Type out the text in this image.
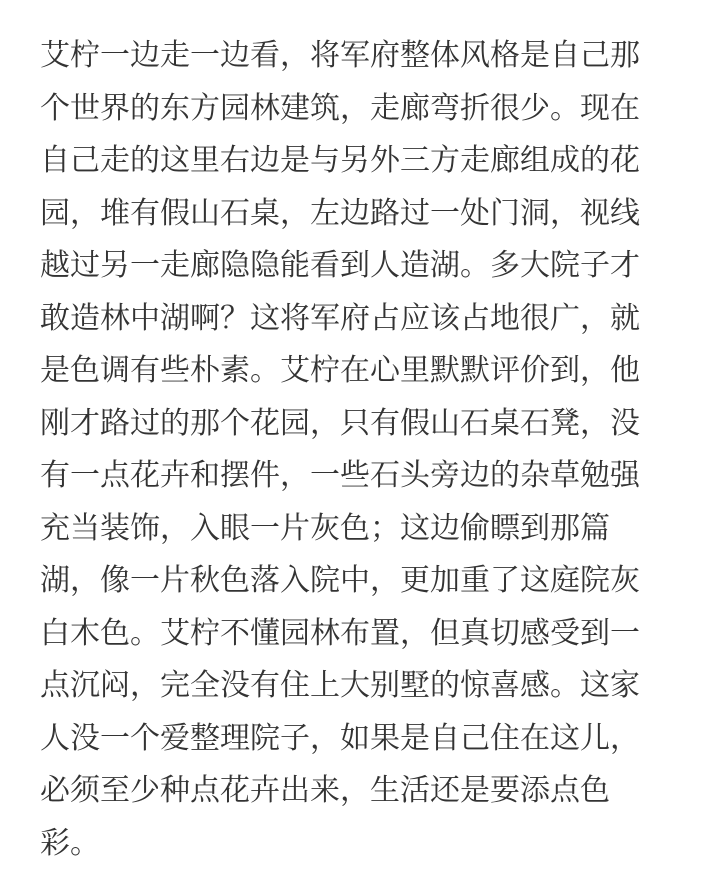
艾柠一边走一边看，将军府整体风格是自己那
个世界的东方园林建筑，走廊弯折很少。现在
自己走的这里右边是与另外三方走廊组成的花
园，堆有假山石桌，左边路过一处门洞，视线
越过另一走廊隐隐能看到人造湖。多大院子才
敢造林中湖啊？这将军府占应该占地很广，就
是色调有些朴素。艾柠在心里默默评价到，他
刚才路过的那个花园，只有假山石桌石凳，没
有一点花卉和摆件，一些石头旁边的杂草勉强
充当装饰，入眼一片灰色；这边偷瞟到那篇
湖，像一片秋色落入院中，更加重了这庭院灰
白木色。艾柠不懂园林布置，但真切感受到一
点沉闷，完全没有住上大别墅的惊喜感。这家
人没一个爱整理院子，如果是自己住在这儿，
必须至少种点花卉出来，生活还是要添点色
彩。
